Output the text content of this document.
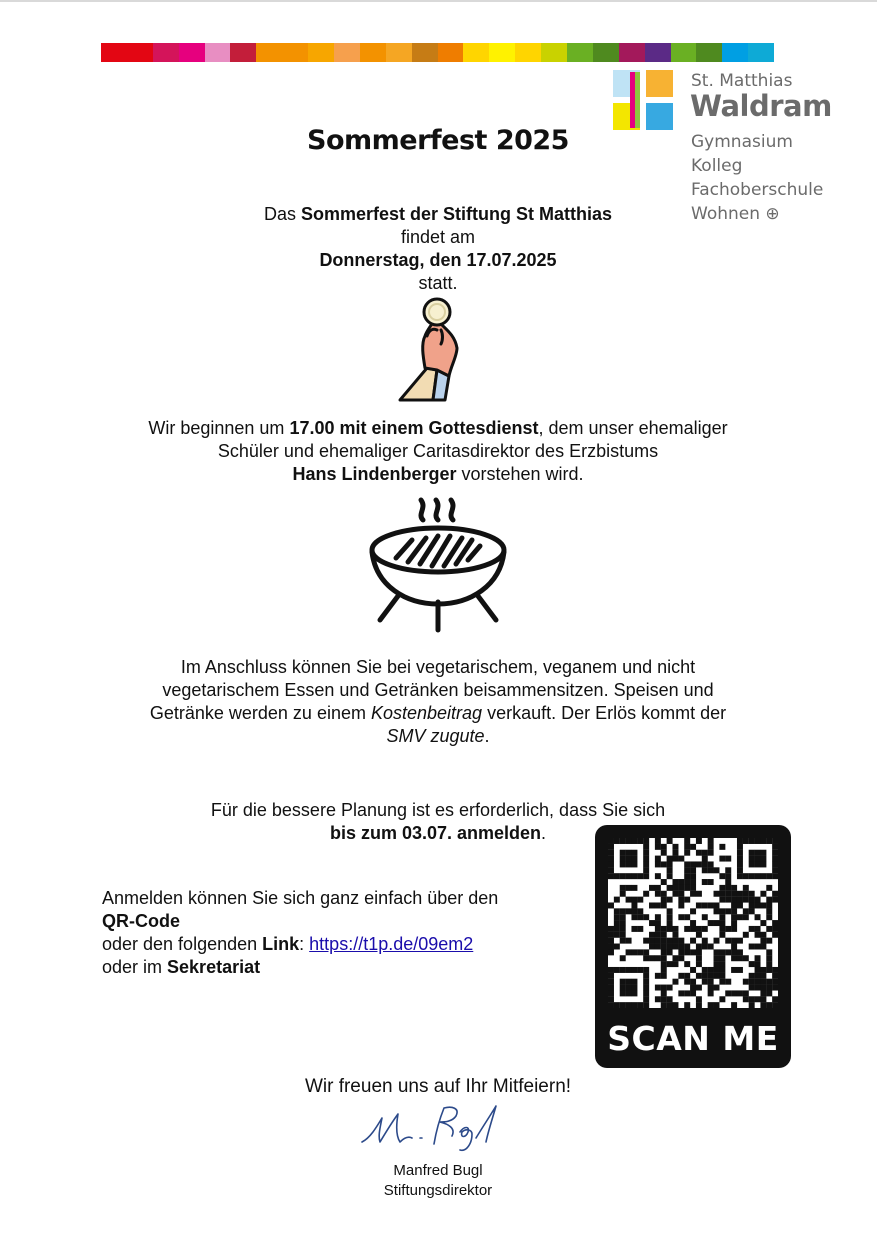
St. Matthias
Waldram
Gymnasium
Kolleg
Fachoberschule
Wohnen ⊕
Sommerfest 2025
Das Sommerfest der Stiftung St Matthias
findet am
Donnerstag, den 17.07.2025
statt.
Wir beginnen um 17.00 mit einem Gottesdienst, dem unser ehemaliger
Schüler und ehemaliger Caritasdirektor des Erzbistums
Hans Lindenberger vorstehen wird.
Im Anschluss können Sie bei vegetarischem, veganem und nicht
vegetarischem Essen und Getränken beisammensitzen. Speisen und
Getränke werden zu einem Kostenbeitrag verkauft. Der Erlös kommt der
SMV zugute.
Für die bessere Planung ist es erforderlich, dass Sie sich
bis zum 03.07. anmelden.
Anmelden können Sie sich ganz einfach über den
QR-Code
oder den folgenden Link: https://t1p.de/09em2
oder im Sekretariat
SCAN ME
Wir freuen uns auf Ihr Mitfeiern!
Manfred Bugl
Stiftungsdirektor
